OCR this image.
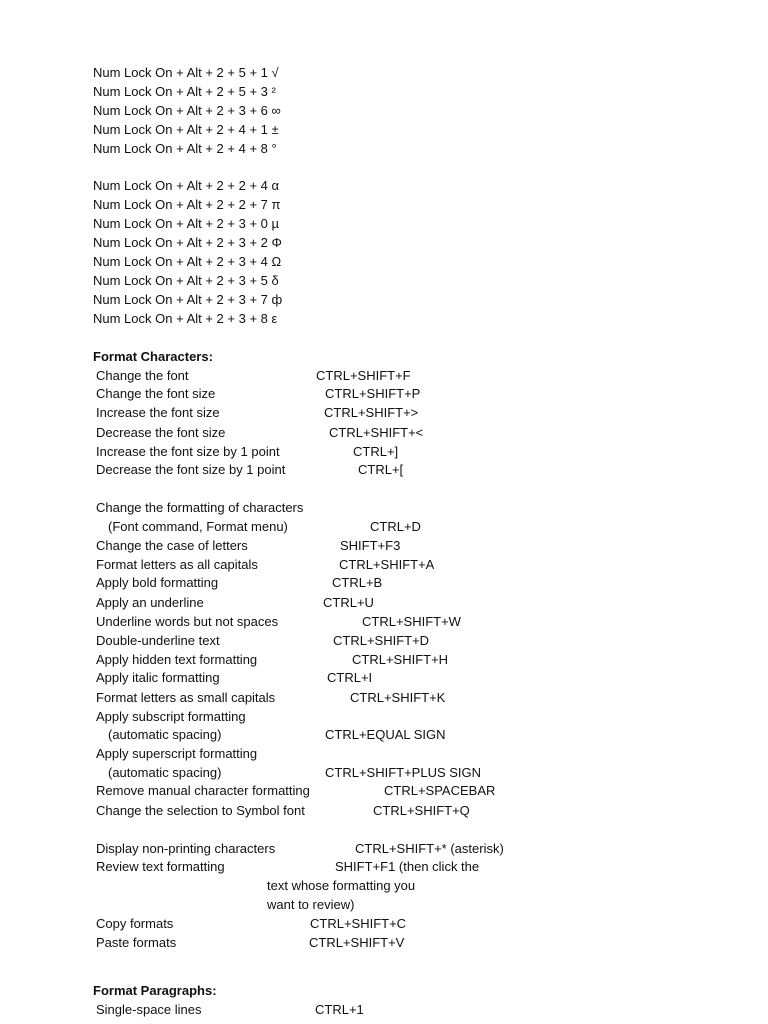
Num Lock On + Alt + 2 + 5 + 1 √
Num Lock On + Alt + 2 + 5 + 3 ²
Num Lock On + Alt + 2 + 3 + 6 ∞
Num Lock On + Alt + 2 + 4 + 1 ±
Num Lock On + Alt + 2 + 4 + 8 °
Num Lock On + Alt + 2 + 2 + 4 α
Num Lock On + Alt + 2 + 2 + 7 π
Num Lock On + Alt + 2 + 3 + 0 µ
Num Lock On + Alt + 2 + 3 + 2 Φ
Num Lock On + Alt + 2 + 3 + 4 Ω
Num Lock On + Alt + 2 + 3 + 5 δ
Num Lock On + Alt + 2 + 3 + 7 ф
Num Lock On + Alt + 2 + 3 + 8 ε
Format Characters:
Change the font	CTRL+SHIFT+F
Change the font size	CTRL+SHIFT+P
Increase the font size	CTRL+SHIFT+>
Decrease the font size	CTRL+SHIFT+<
Increase the font size by 1 point	CTRL+]
Decrease the font size by 1 point	CTRL+[
Change the formatting of characters
(Font command, Format menu)	CTRL+D
Change the case of letters	SHIFT+F3
Format letters as all capitals	CTRL+SHIFT+A
Apply bold formatting	CTRL+B
Apply an underline	CTRL+U
Underline words but not spaces	CTRL+SHIFT+W
Double-underline text	CTRL+SHIFT+D
Apply hidden text formatting	CTRL+SHIFT+H
Apply italic formatting	CTRL+I
Format letters as small capitals	CTRL+SHIFT+K
Apply subscript formatting
(automatic spacing)	CTRL+EQUAL SIGN
Apply superscript formatting
(automatic spacing)	CTRL+SHIFT+PLUS SIGN
Remove manual character formatting	CTRL+SPACEBAR
Change the selection to Symbol font	CTRL+SHIFT+Q
Display non-printing characters	CTRL+SHIFT+* (asterisk)
Review text formatting	SHIFT+F1 (then click the
text whose formatting you
want to review)
Copy formats	CTRL+SHIFT+C
Paste formats	CTRL+SHIFT+V
Format Paragraphs:
Single-space lines	CTRL+1
